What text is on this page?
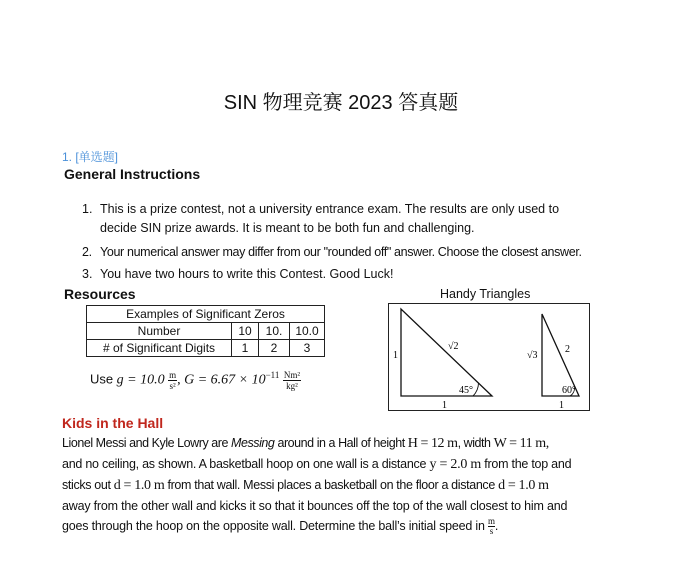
SIN 物理竞赛 2023 答真题
1. [单选题]
General Instructions
1. This is a prize contest, not a university entrance exam. The results are only used to decide SIN prize awards. It is meant to be both fun and challenging.
2. Your numerical answer may differ from our "rounded off" answer. Choose the closest answer.
3. You have two hours to write this Contest. Good Luck!
Resources	Handy Triangles
Examples of Significant Zeros			
Number	10	10.	10.0
# of Significant Digits	1	2	3
Use $g = 10.0 \frac{m}{\text{s²}}$, $G = 6.67 \times 10^{-11} \frac{\text{Nm²}}{\text{kg²}}$
1
√2
1
45°
√3
2
1
60°
Kids in the Hall
Lionel Messi and Kyle Lowry are Messing around in a Hall of height H = 12 m, width W = 11 m,
and no ceiling, as shown. A basketball hoop on one wall is a distance y = 2.0 m from the top and
sticks out d = 1.0 m from that wall. Messi places a basketball on the floor a distance d = 1.0 m
away from the other wall and kicks it so that it bounces off the top of the wall closest to him and
goes through the hoop on the opposite wall. Determine the ball’s initial speed in $\frac{m}{s}$.
